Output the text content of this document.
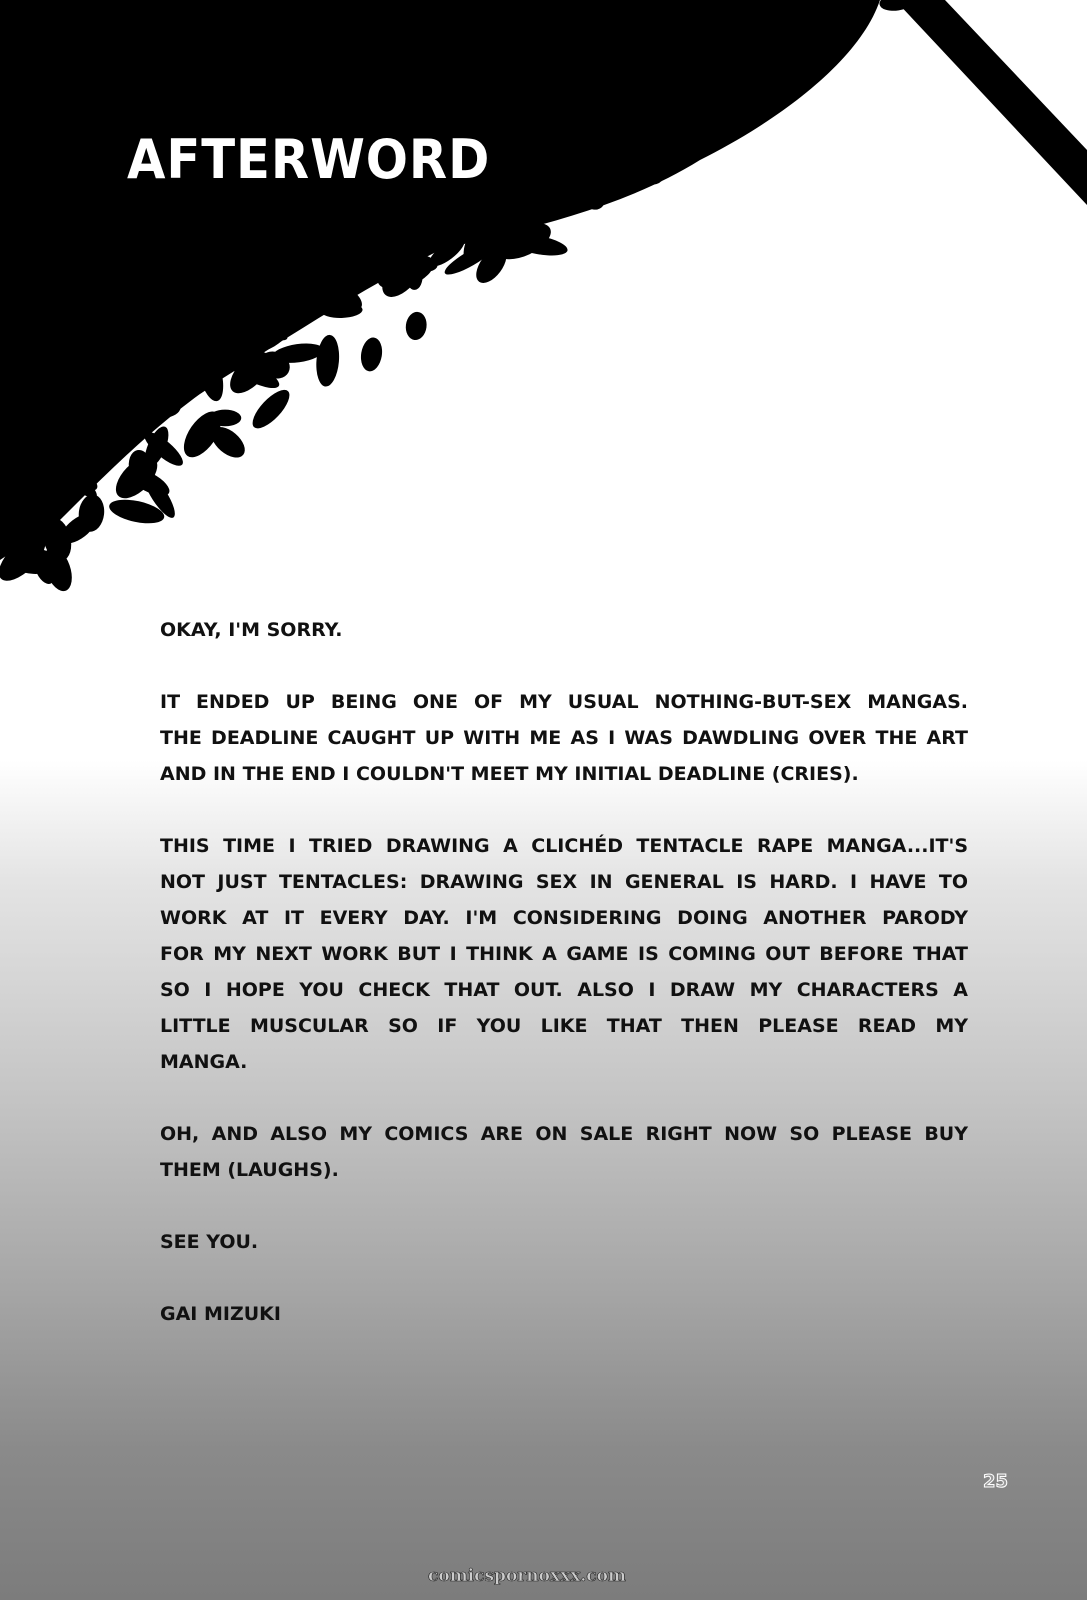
AFTERWORD
OKAY, I'M SORRY.
IT ENDED UP BEING ONE OF MY USUAL NOTHING-BUT-SEX MANGAS.
THE DEADLINE CAUGHT UP WITH ME AS I WAS DAWDLING OVER THE ART
AND IN THE END I COULDN'T MEET MY INITIAL DEADLINE (CRIES).
THIS TIME I TRIED DRAWING A CLICHÉD TENTACLE RAPE MANGA...IT'S
NOT JUST TENTACLES: DRAWING SEX IN GENERAL IS HARD. I HAVE TO
WORK AT IT EVERY DAY. I'M CONSIDERING DOING ANOTHER PARODY
FOR MY NEXT WORK BUT I THINK A GAME IS COMING OUT BEFORE THAT
SO I HOPE YOU CHECK THAT OUT. ALSO I DRAW MY CHARACTERS A
LITTLE MUSCULAR SO IF YOU LIKE THAT THEN PLEASE READ MY
MANGA.
OH, AND ALSO MY COMICS ARE ON SALE RIGHT NOW SO PLEASE BUY
THEM (LAUGHS).
SEE YOU.
GAI MIZUKI
25
comicspornoxxx.com
